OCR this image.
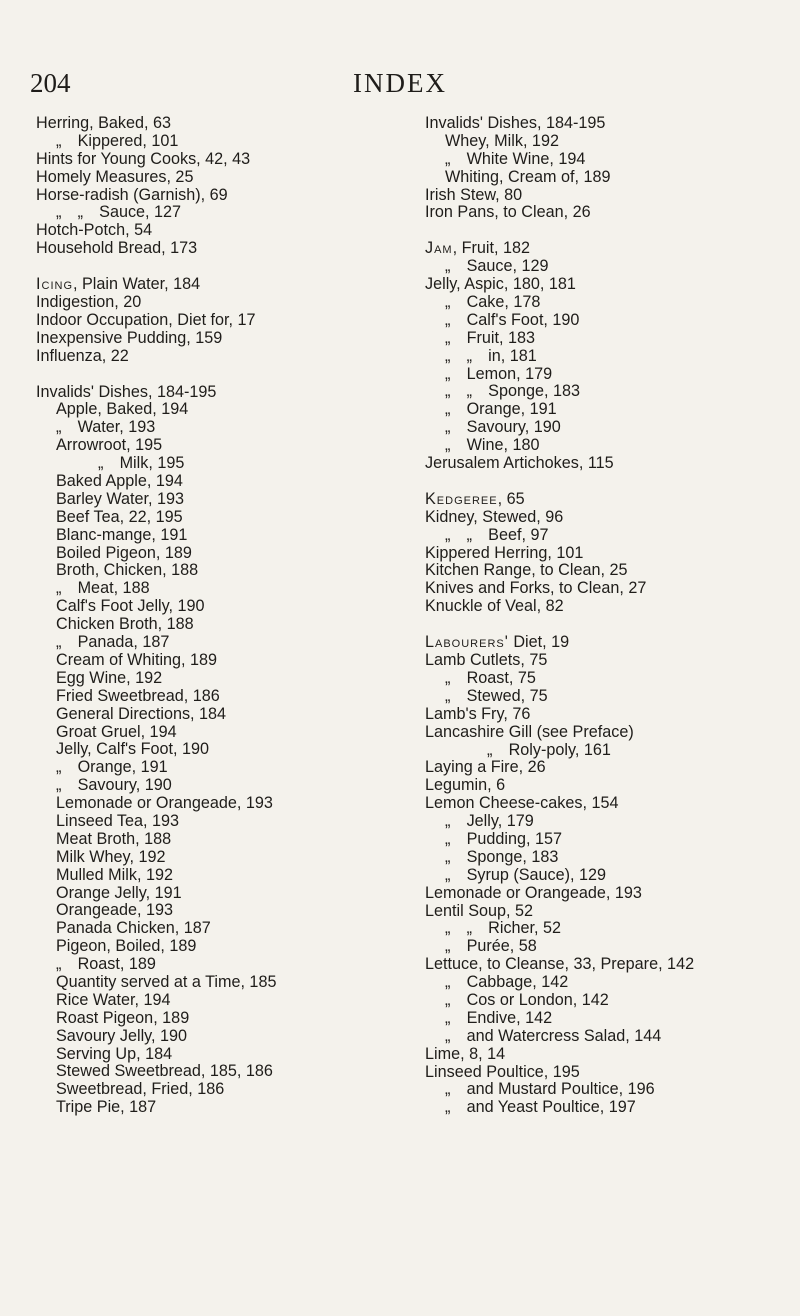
204	INDEX
Herring, Baked, 63
„ Kippered, 101
Hints for Young Cooks, 42, 43
Homely Measures, 25
Horse-radish (Garnish), 69
„ „ Sauce, 127
Hotch-Potch, 54
Household Bread, 173
Icing, Plain Water, 184
Indigestion, 20
Indoor Occupation, Diet for, 17
Inexpensive Pudding, 159
Influenza, 22
Invalids' Dishes, 184-195
Apple, Baked, 194
„ Water, 193
Arrowroot, 195
„ Milk, 195
Baked Apple, 194
Barley Water, 193
Beef Tea, 22, 195
Blanc-mange, 191
Boiled Pigeon, 189
Broth, Chicken, 188
„ Meat, 188
Calf's Foot Jelly, 190
Chicken Broth, 188
„ Panada, 187
Cream of Whiting, 189
Egg Wine, 192
Fried Sweetbread, 186
General Directions, 184
Groat Gruel, 194
Jelly, Calf's Foot, 190
„ Orange, 191
„ Savoury, 190
Lemonade or Orangeade, 193
Linseed Tea, 193
Meat Broth, 188
Milk Whey, 192
Mulled Milk, 192
Orange Jelly, 191
Orangeade, 193
Panada Chicken, 187
Pigeon, Boiled, 189
„ Roast, 189
Quantity served at a Time, 185
Rice Water, 194
Roast Pigeon, 189
Savoury Jelly, 190
Serving Up, 184
Stewed Sweetbread, 185, 186
Sweetbread, Fried, 186
Tripe Pie, 187
Invalids' Dishes, 184-195
Whey, Milk, 192
„ White Wine, 194
Whiting, Cream of, 189
Irish Stew, 80
Iron Pans, to Clean, 26
Jam, Fruit, 182
„ Sauce, 129
Jelly, Aspic, 180, 181
„ Cake, 178
„ Calf's Foot, 190
„ Fruit, 183
„ „ in, 181
„ Lemon, 179
„ „ Sponge, 183
„ Orange, 191
„ Savoury, 190
„ Wine, 180
Jerusalem Artichokes, 115
Kedgeree, 65
Kidney, Stewed, 96
„ „ Beef, 97
Kippered Herring, 101
Kitchen Range, to Clean, 25
Knives and Forks, to Clean, 27
Knuckle of Veal, 82
Labourers' Diet, 19
Lamb Cutlets, 75
„ Roast, 75
„ Stewed, 75
Lamb's Fry, 76
Lancashire Gill (see Preface)
„ Roly-poly, 161
Laying a Fire, 26
Legumin, 6
Lemon Cheese-cakes, 154
„ Jelly, 179
„ Pudding, 157
„ Sponge, 183
„ Syrup (Sauce), 129
Lemonade or Orangeade, 193
Lentil Soup, 52
„ „ Richer, 52
„ Purée, 58
Lettuce, to Cleanse, 33, Prepare, 142
„ Cabbage, 142
„ Cos or London, 142
„ Endive, 142
„ and Watercress Salad, 144
Lime, 8, 14
Linseed Poultice, 195
„ and Mustard Poultice, 196
„ and Yeast Poultice, 197
